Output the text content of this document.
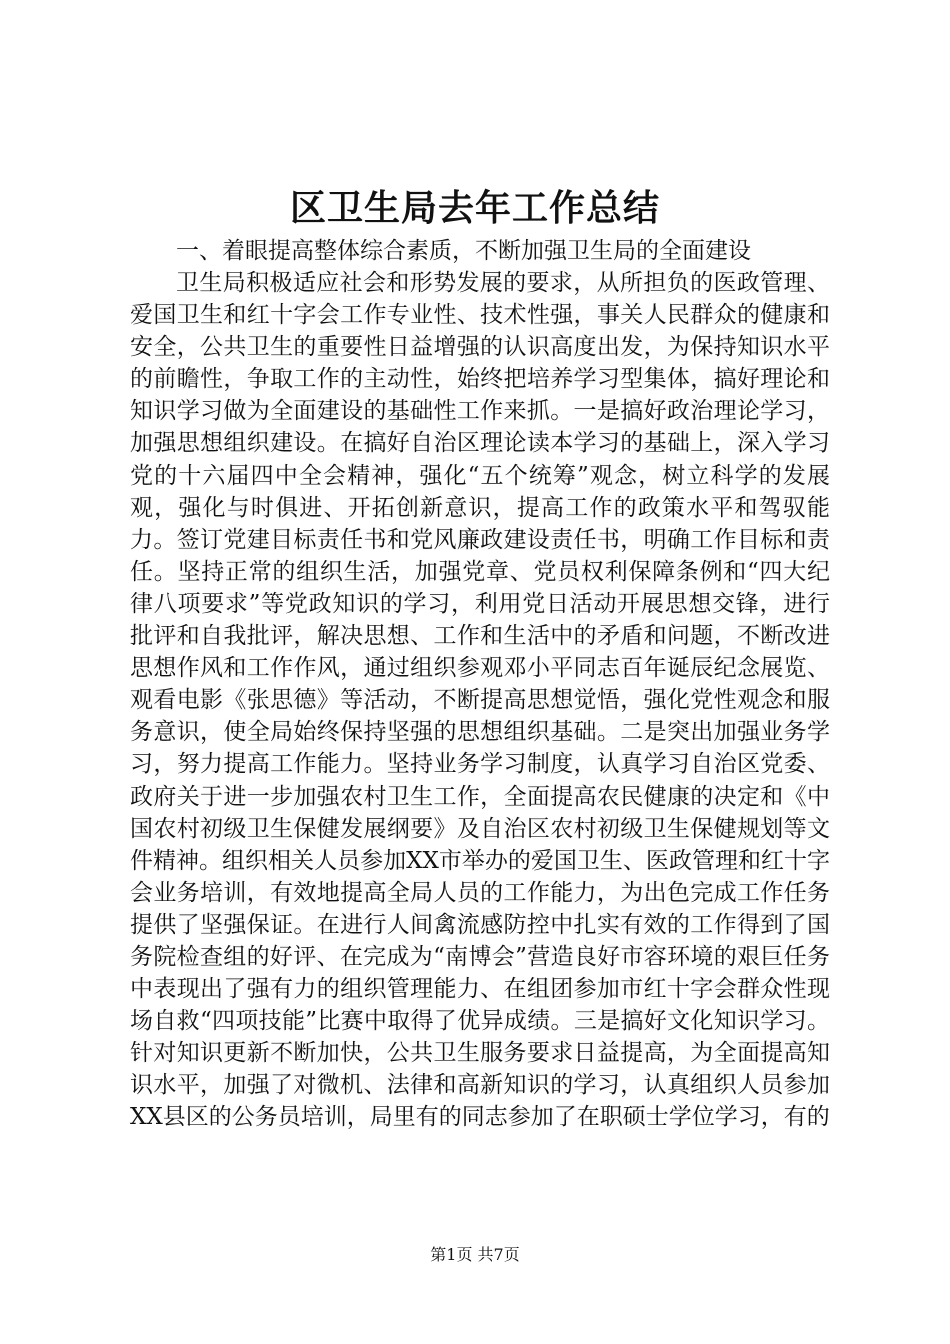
区卫生局去年工作总结
一、着眼提高整体综合素质，不断加强卫生局的全面建设

卫生局积极适应社会和形势发展的要求，从所担负的医政管理、爱国卫生和红十字会工作专业性、技术性强，事关人民群众的健康和安全，公共卫生的重要性日益增强的认识高度出发，为保持知识水平的前瞻性，争取工作的主动性，始终把培养学习型集体，搞好理论和知识学习做为全面建设的基础性工作来抓。一是搞好政治理论学习，加强思想组织建设。在搞好自治区理论读本学习的基础上，深入学习党的十六届四中全会精神，强化“五个统筹”观念，树立科学的发展观，强化与时俱进、开拓创新意识，提高工作的政策水平和驾驭能力。签订党建目标责任书和党风廉政建设责任书，明确工作目标和责任。坚持正常的组织生活，加强党章、党员权利保障条例和“四大纪律八项要求”等党政知识的学习，利用党日活动开展思想交锋，进行批评和自我批评，解决思想、工作和生活中的矛盾和问题，不断改进思想作风和工作作风，通过组织参观邓小平同志百年诞辰纪念展览、观看电影《张思德》等活动，不断提高思想觉悟，强化党性观念和服务意识，使全局始终保持坚强的思想组织基础。二是突出加强业务学习，努力提高工作能力。坚持业务学习制度，认真学习自治区党委、政府关于进一步加强农村卫生工作，全面提高农民健康的决定和《中国农村初级卫生保健发展纲要》及自治区农村初级卫生保健规划等文件精神。组织相关人员参加XX市举办的爱国卫生、医政管理和红十字会业务培训，有效地提高全局人员的工作能力，为出色完成工作任务提供了坚强保证。在进行人间禽流感防控中扎实有效的工作得到了国务院检查组的好评、在完成为“南博会”营造良好市容环境的艰巨任务中表现出了强有力的组织管理能力、在组团参加市红十字会群众性现场自救“四项技能”比赛中取得了优异成绩。三是搞好文化知识学习。针对知识更新不断加快，公共卫生服务要求日益提高，为全面提高知识水平，加强了对微机、法律和高新知识的学习，认真组织人员参加XX县区的公务员培训，局里有的同志参加了在职硕士学位学习，有的

第1页 共7页
